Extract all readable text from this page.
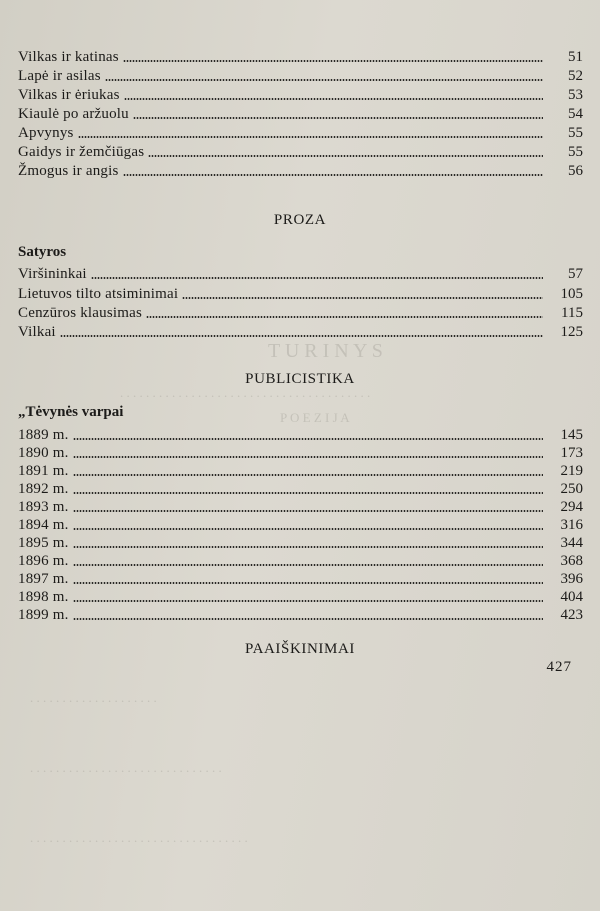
T U R I N Y S
. . . . . . . . . . . . . . . . . . . . . . . . . . . . . . . . . . . . . . .
P O E Z I J A
. . . . . . . . . . . . . . . . . . . .
. . . . . . . . . . . . . . . . . . . . . . . . . . . . . .
. . . . . . . . . . . . . . . . . . . . . . . . . . . . . . . . . .
Vilkas ir katinas	51
Lapė ir asilas	52
Vilkas ir ėriukas	53
Kiaulė po aržuolu	54
Apvynys	55
Gaidys ir žemčiūgas	55
Žmogus ir angis	56
PROZA
Satyros
Viršininkai	57
Lietuvos tilto atsiminimai	105
Cenzūros klausimas	115
Vilkai	125
PUBLICISTIKA
„Tėvynės varpai
1889 m.	145
1890 m.	173
1891 m.	219
1892 m.	250
1893 m.	294
1894 m.	316
1895 m.	344
1896 m.	368
1897 m.	396
1898 m.	404
1899 m.	423
PAAIŠKINIMAI
427
